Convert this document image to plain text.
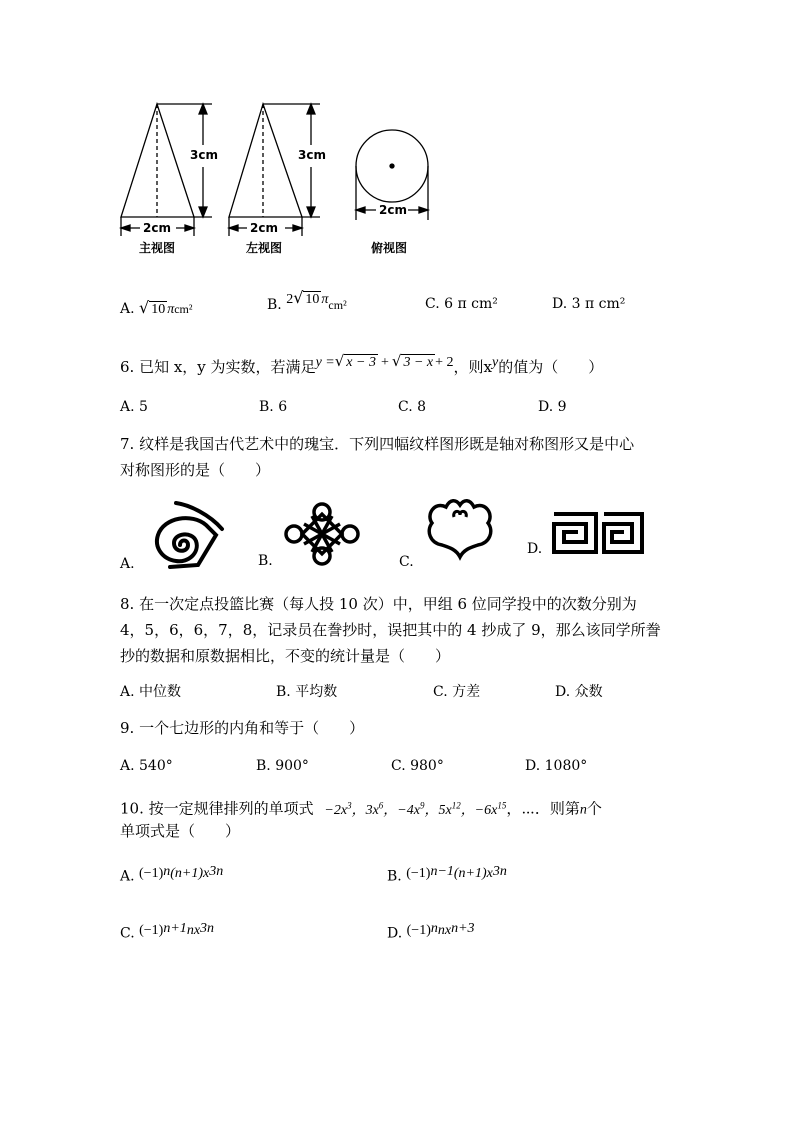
3cm	3cm
2cm	2cm
2cm
主视图	左视图	俯视图
A. √ 10 πcm²	B. 2√ 10 πcm²	C. 6 π cm²	D. 3 π cm²
6. 已知 x，y 为实数，若满足y =√ x − 3 + √ 3 − x + 2，则$x^y$的值为（　　）
A. 5	B. 6	C. 8	D. 9
7. 纹样是我国古代艺术中的瑰宝．下列四幅纹样图形既是轴对称图形又是中心
对称图形的是（　　）
A.	B.	C.
D.
8. 在一次定点投篮比赛（每人投 10 次）中，甲组 6 位同学投中的次数分别为
4，5，6，6，7，8，记录员在誊抄时，误把其中的 4 抄成了 9，那么该同学所誊
抄的数据和原数据相比，不变的统计量是（　　）
A. 中位数	B. 平均数	C. 方差	D. 众数
9. 一个七边形的内角和等于（　　）
A. 540°	B. 900°	C. 980°	D. 1080°
10. 按一定规律排列的单项式 $-2x^3$，$3x^6$，$-4x^9$，$5x^{12}$，$-6x^{15}$，⋯．则第n个
单项式是（　　）
A. $(-1)^n(n+1)x^{3n}$	B. $(-1)^{n-1}(n+1)x^{3n}$
C. $(-1)^{n+1}nx^{3n}$	D. $(-1)^nnx^{n+3}$
